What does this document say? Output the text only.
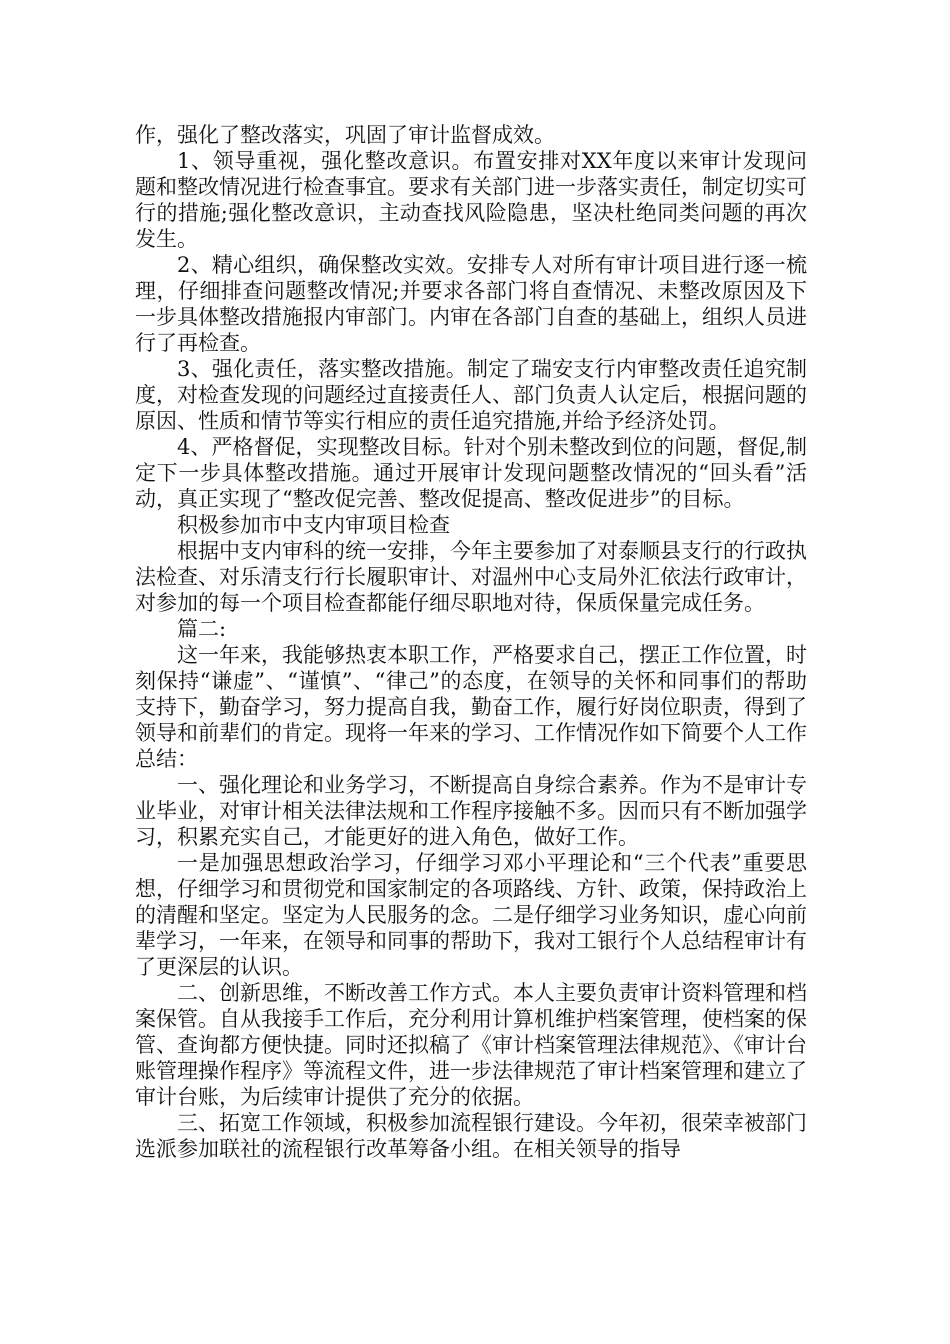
作，强化了整改落实，巩固了审计监督成效。

1、领导重视，强化整改意识。布置安排对XX年度以来审计发现问题和整改情况进行检查事宜。要求有关部门进一步落实责任，制定切实可行的措施;强化整改意识，主动查找风险隐患，坚决杜绝同类问题的再次发生。

2、精心组织，确保整改实效。安排专人对所有审计项目进行逐一梳理，仔细排查问题整改情况;并要求各部门将自查情况、未整改原因及下一步具体整改措施报内审部门。内审在各部门自查的基础上，组织人员进行了再检查。

3、强化责任，落实整改措施。制定了瑞安支行内审整改责任追究制度，对检查发现的问题经过直接责任人、部门负责人认定后，根据问题的原因、性质和情节等实行相应的责任追究措施,并给予经济处罚。

4、严格督促，实现整改目标。针对个别未整改到位的问题，督促,制定下一步具体整改措施。通过开展审计发现问题整改情况的“回头看”活动，真正实现了“整改促完善、整改促提高、整改促进步”的目标。

积极参加市中支内审项目检查

根据中支内审科的统一安排，今年主要参加了对泰顺县支行的行政执法检查、对乐清支行行长履职审计、对温州中心支局外汇依法行政审计，对参加的每一个项目检查都能仔细尽职地对待，保质保量完成任务。

篇二:

这一年来，我能够热衷本职工作，严格要求自己，摆正工作位置，时刻保持“谦虚”、“谨慎”、“律己”的态度，在领导的关怀和同事们的帮助支持下，勤奋学习，努力提高自我，勤奋工作，履行好岗位职责，得到了领导和前辈们的肯定。现将一年来的学习、工作情况作如下简要个人工作总结：

一、强化理论和业务学习，不断提高自身综合素养。作为不是审计专业毕业，对审计相关法律法规和工作程序接触不多。因而只有不断加强学习，积累充实自己，才能更好的进入角色，做好工作。

一是加强思想政治学习，仔细学习邓小平理论和“三个代表”重要思想，仔细学习和贯彻党和国家制定的各项路线、方针、政策，保持政治上的清醒和坚定。坚定为人民服务的念。二是仔细学习业务知识，虚心向前辈学习，一年来，在领导和同事的帮助下，我对工银行个人总结程审计有了更深层的认识。

二、创新思维，不断改善工作方式。本人主要负责审计资料管理和档案保管。自从我接手工作后，充分利用计算机维护档案管理，使档案的保管、查询都方便快捷。同时还拟稿了《审计档案管理法律规范》、《审计台账管理操作程序》等流程文件，进一步法律规范了审计档案管理和建立了审计台账，为后续审计提供了充分的依据。

三、拓宽工作领域，积极参加流程银行建设。今年初，很荣幸被部门选派参加联社的流程银行改革筹备小组。在相关领导的指导
